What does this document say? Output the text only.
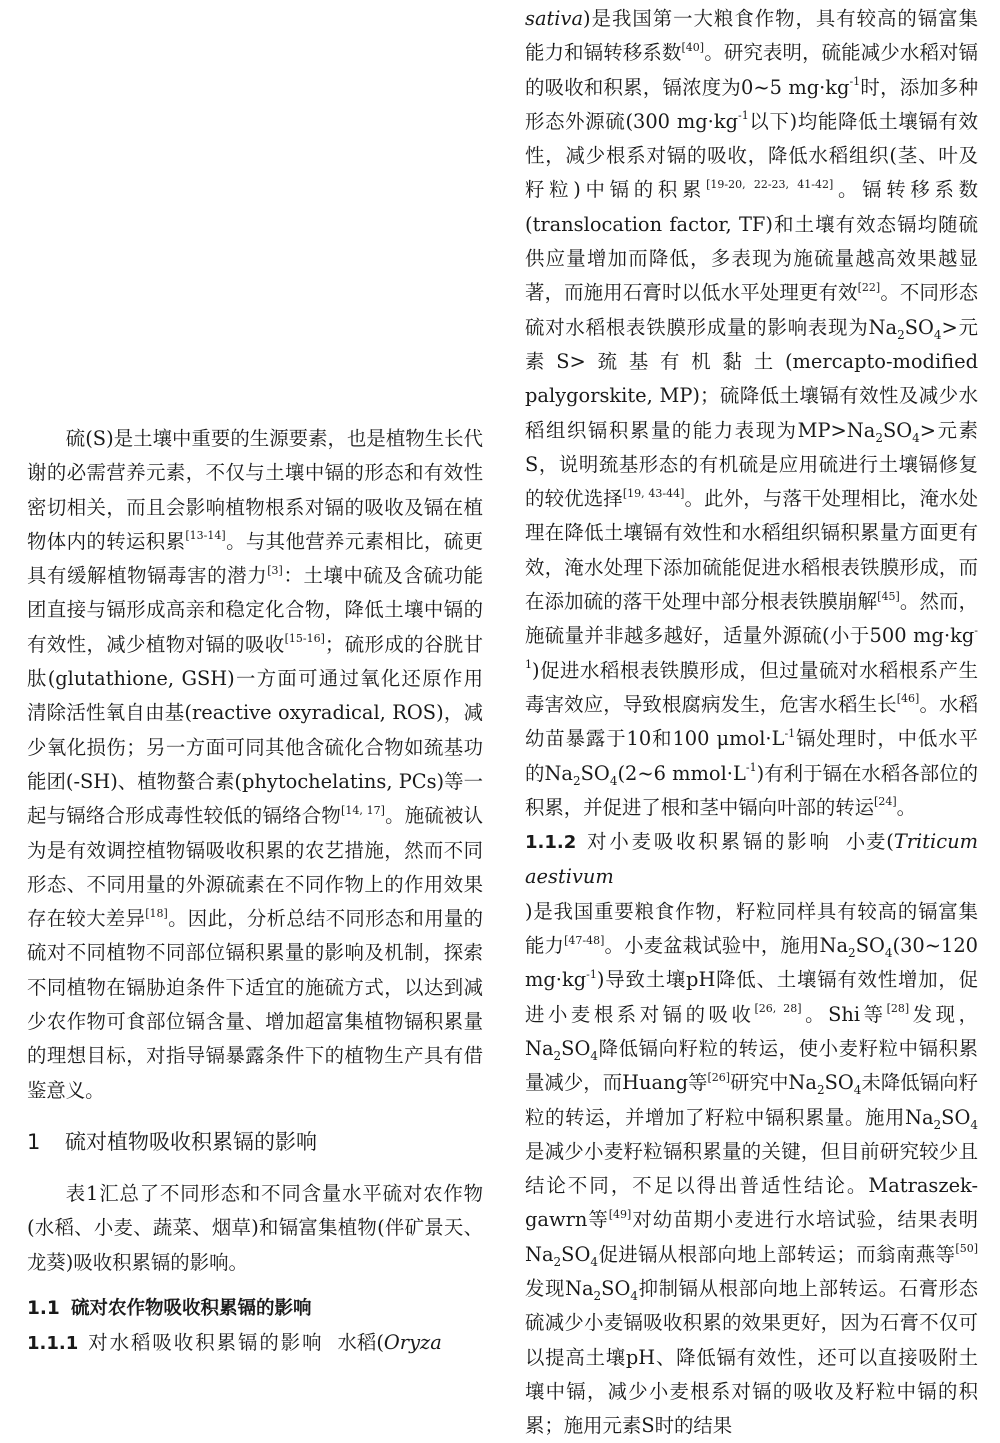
硫(S)是土壤中重要的生源要素，也是植物生长代谢的必需营养元素，不仅与土壤中镉的形态和有效性密切相关，而且会影响植物根系对镉的吸收及镉在植物体内的转运积累[13-14]。与其他营养元素相比，硫更具有缓解植物镉毒害的潜力[3]：土壤中硫及含硫功能团直接与镉形成高亲和稳定化合物，降低土壤中镉的有效性，减少植物对镉的吸收[15-16]；硫形成的谷胱甘肽(glutathione, GSH)一方面可通过氧化还原作用清除活性氧自由基(reactive oxyradical, ROS)，减少氧化损伤；另一方面可同其他含硫化合物如巯基功能团(-SH)、植物螯合素(phytochelatins, PCs)等一起与镉络合形成毒性较低的镉络合物[14, 17]。施硫被认为是有效调控植物镉吸收积累的农艺措施，然而不同形态、不同用量的外源硫素在不同作物上的作用效果存在较大差异[18]。因此，分析总结不同形态和用量的硫对不同植物不同部位镉积累量的影响及机制，探索不同植物在镉胁迫条件下适宜的施硫方式，以达到减少农作物可食部位镉含量、增加超富集植物镉积累量的理想目标，对指导镉暴露条件下的植物生产具有借鉴意义。

1 硫对植物吸收积累镉的影响

表1汇总了不同形态和不同含量水平硫对农作物(水稻、小麦、蔬菜、烟草)和镉富集植物(伴矿景天、龙葵)吸收积累镉的影响。

1.1 硫对农作物吸收积累镉的影响

1.1.1 对水稻吸收积累镉的影响 水稻(Oryza

sativa)是我国第一大粮食作物，具有较高的镉富集能力和镉转移系数[40]。研究表明，硫能减少水稻对镉的吸收和积累，镉浓度为0~5 $mg\cdot kg^{-1}$时，添加多种形态外源硫(300 $mg\cdot kg^{-1}$以下)均能降低土壤镉有效性，减少根系对镉的吸收，降低水稻组织(茎、叶及籽粒)中镉的积累[19-20, 22-23, 41-42]。镉转移系数(translocation factor, TF)和土壤有效态镉均随硫供应量增加而降低，多表现为施硫量越高效果越显著，而施用石膏时以低水平处理更有效[22]。不同形态硫对水稻根表铁膜形成量的影响表现为$Na_2SO_4>$元素S>巯基有机黏土(mercapto-modified palygorskite, MP)；硫降低土壤镉有效性及减少水稻组织镉积累量的能力表现为$MP>Na_2SO_4>$元素S，说明巯基形态的有机硫是应用硫进行土壤镉修复的较优选择[19, 43-44]。此外，与落干处理相比，淹水处理在降低土壤镉有效性和水稻组织镉积累量方面更有效，淹水处理下添加硫能促进水稻根表铁膜形成，而在添加硫的落干处理中部分根表铁膜崩解[45]。然而，施硫量并非越多越好，适量外源硫(小于500 $mg\cdot kg^{-1}$)促进水稻根表铁膜形成，但过量硫对水稻根系产生毒害效应，导致根腐病发生，危害水稻生长[46]。水稻幼苗暴露于10和100 $\mu mol\cdot L^{-1}$镉处理时，中低水平的$Na_2SO_4(2\sim 6$ $mmol\cdot L^{-1}$)有利于镉在水稻各部位的积累，并促进了根和茎中镉向叶部的转运[24]。

1.1.2 对小麦吸收积累镉的影响 小麦(Triticum aestivum

)是我国重要粮食作物，籽粒同样具有较高的镉富集能力[47-48]。小麦盆栽试验中，施用$Na_2SO_4(30\sim 120$ $mg\cdot kg^{-1}$)导致土壤pH降低、土壤镉有效性增加，促进小麦根系对镉的吸收[26, 28]。Shi等[28]发现，$Na_2SO_4$降低镉向籽粒的转运，使小麦籽粒中镉积累量减少，而Huang等[26]研究中$Na_2SO_4$未降低镉向籽粒的转运，并增加了籽粒中镉积累量。施用$Na_2SO_4$是减少小麦籽粒镉积累量的关键，但目前研究较少且结论不同，不足以得出普适性结论。Matraszek-gawrn等[49]对幼苗期小麦进行水培试验，结果表明$Na_2SO_4$促进镉从根部向地上部转运；而翁南燕等[50]发现$Na_2SO_4$抑制镉从根部向地上部转运。石膏形态硫减少小麦镉吸收积累的效果更好，因为石膏不仅可以提高土壤pH、降低镉有效性，还可以直接吸附土壤中镉，减少小麦根系对镉的吸收及籽粒中镉的积累；施用元素S时的结果
